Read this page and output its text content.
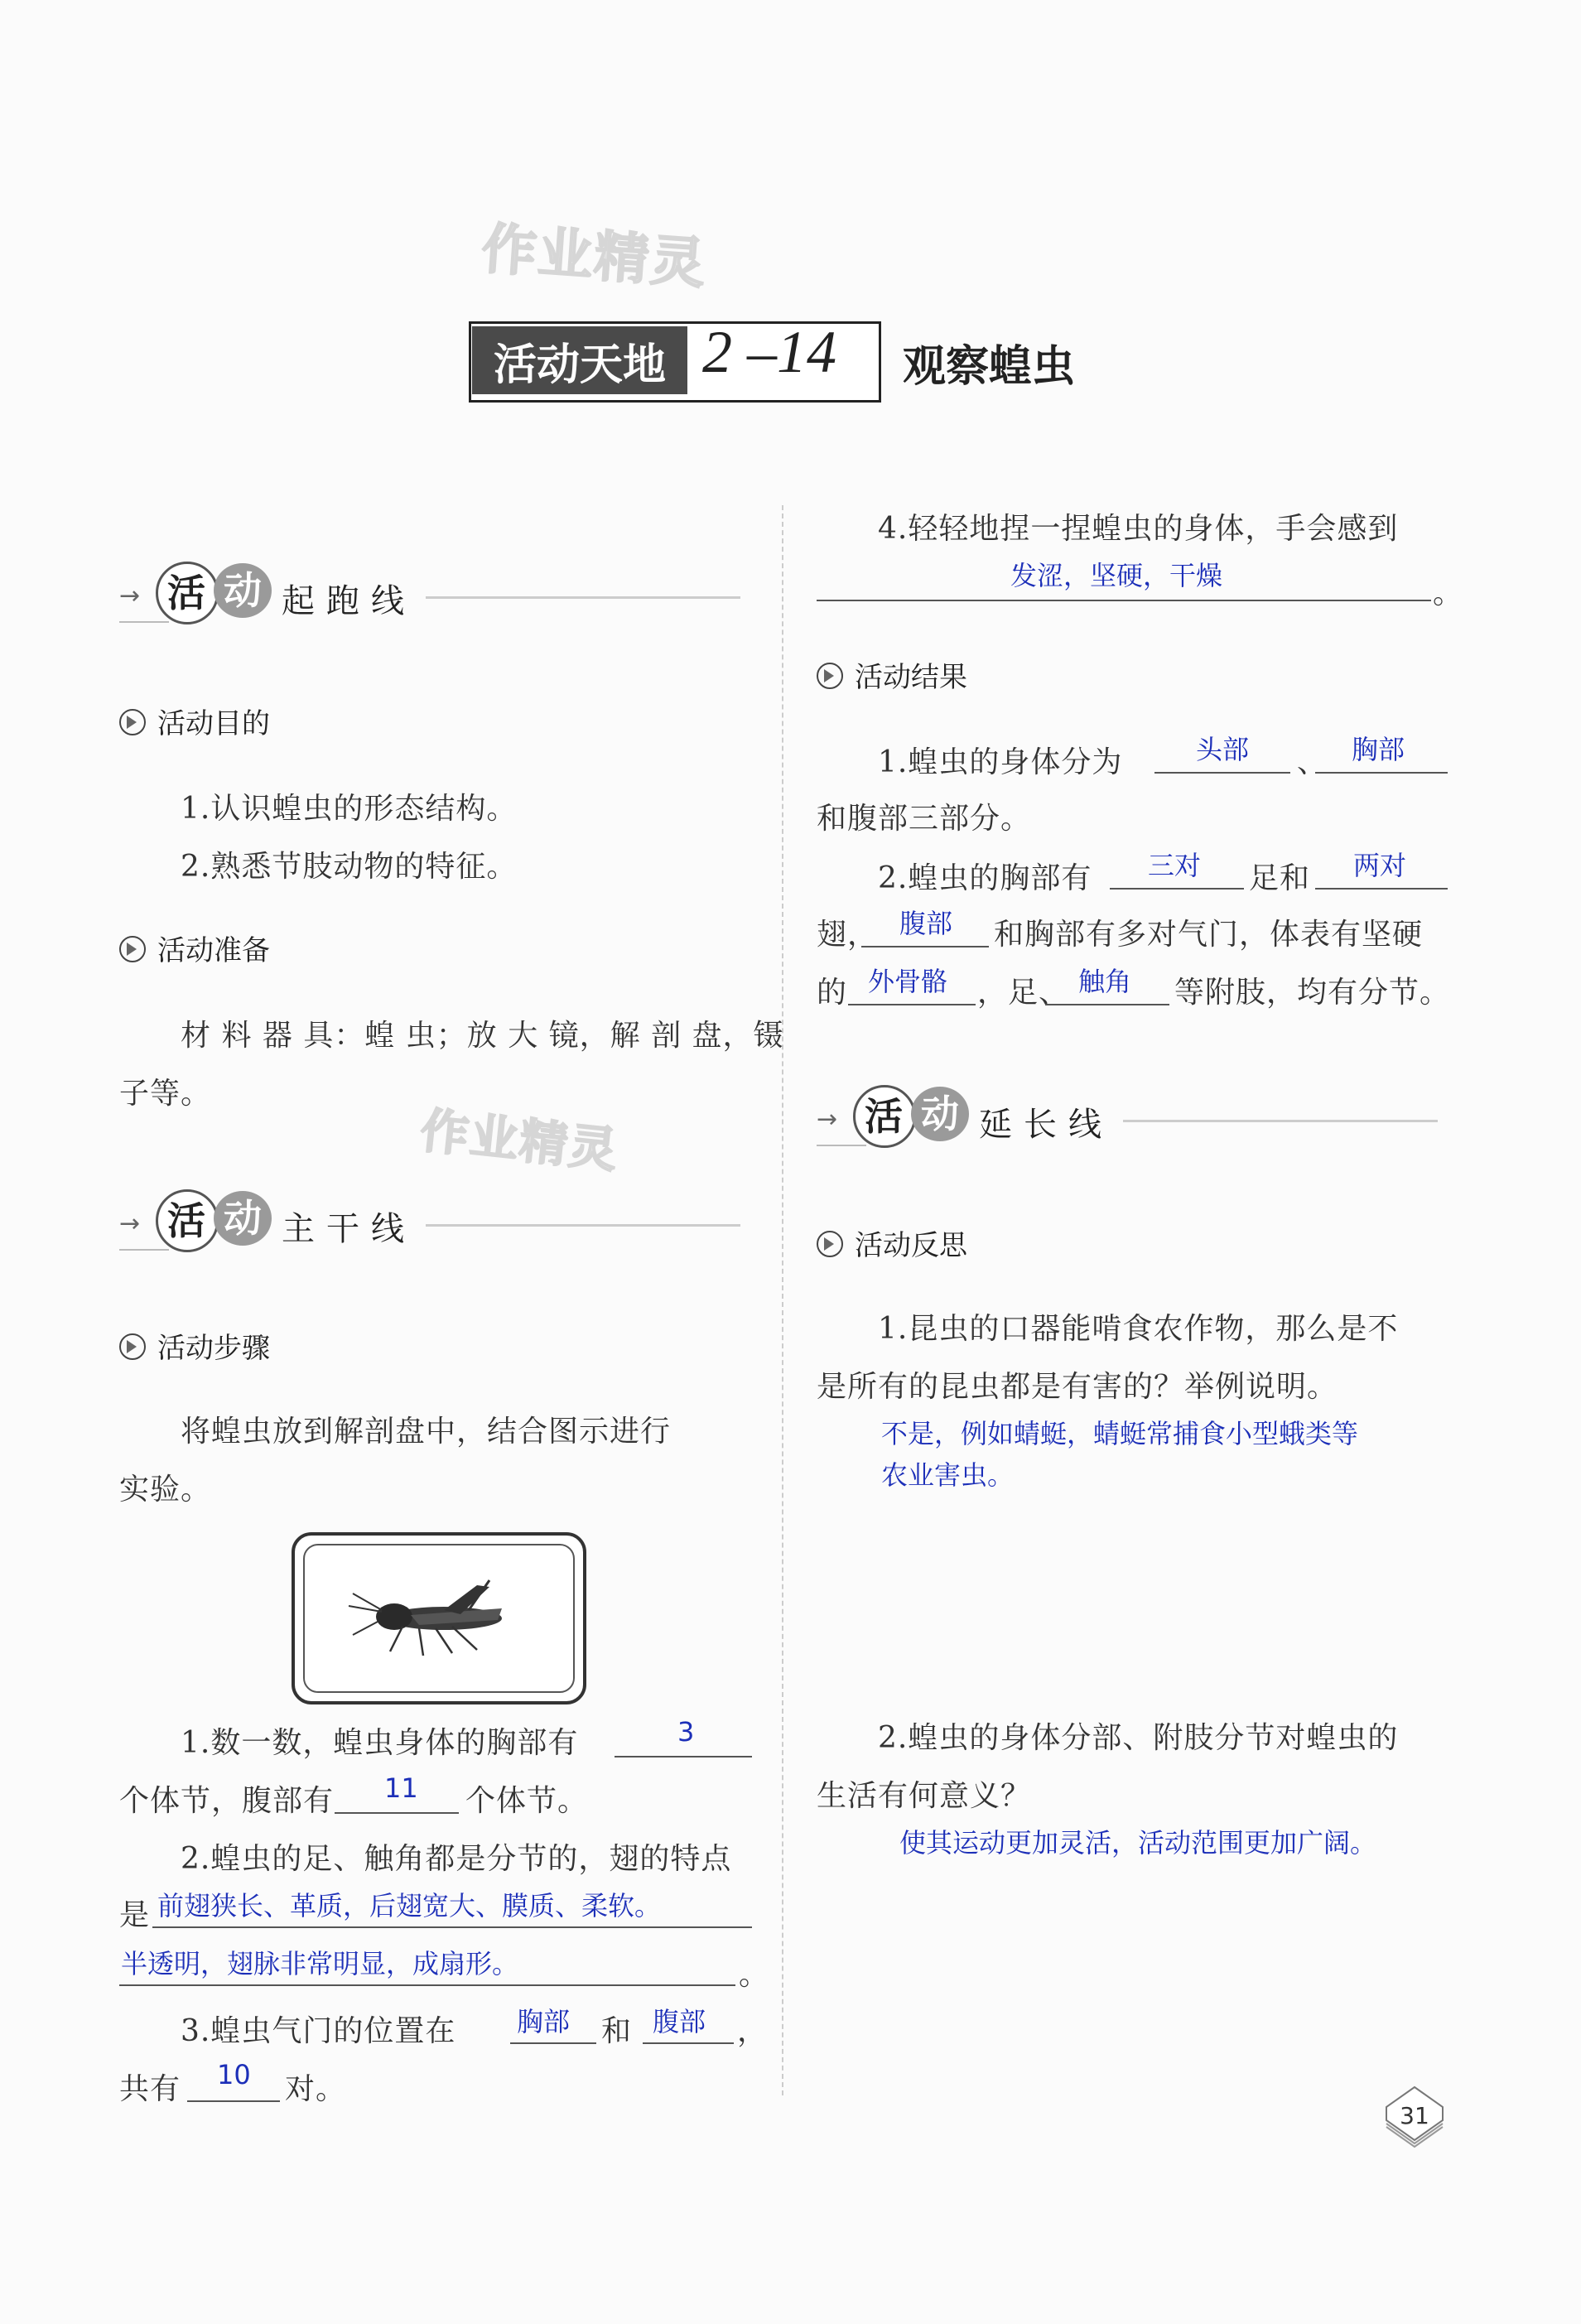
作业精灵
作业精灵
活动天地 2 –14 观察蝗虫
→ 活 动 起跑线
活动目的
1.认识蝗虫的形态结构。
2.熟悉节肢动物的特征。
活动准备
材 料 器 具：蝗 虫；放 大 镜，解 剖 盘，镊
子等。
→ 活 动 主干线
活动步骤
将蝗虫放到解剖盘中，结合图示进行
实验。
1.数一数，蝗虫身体的胸部有	3
个体节，腹部有 11 个体节。
2.蝗虫的足、触角都是分节的，翅的特点
是 前翅狭长、革质，后翅宽大、膜质、柔软。
半透明，翅脉非常明显，成扇形。	。
3.蝗虫气门的位置在 胸部 和 腹部 ，
共有 10 对。
4.轻轻地捏一捏蝗虫的身体，手会感到
发涩，坚硬，干燥
。
活动结果
1.蝗虫的身体分为	头部 、 胸部
和腹部三部分。
2.蝗虫的胸部有 三对 足和 两对
翅， 腹部 和胸部有多对气门，体表有坚硬
的 外骨骼 ，足、 触角 等附肢，均有分节。
→ 活 动 延长线
活动反思
1.昆虫的口器能啃食农作物，那么是不
是所有的昆虫都是有害的？举例说明。
不是，例如蜻蜓，蜻蜓常捕食小型蛾类等
农业害虫。
2.蝗虫的身体分部、附肢分节对蝗虫的
生活有何意义？
使其运动更加灵活，活动范围更加广阔。
31
